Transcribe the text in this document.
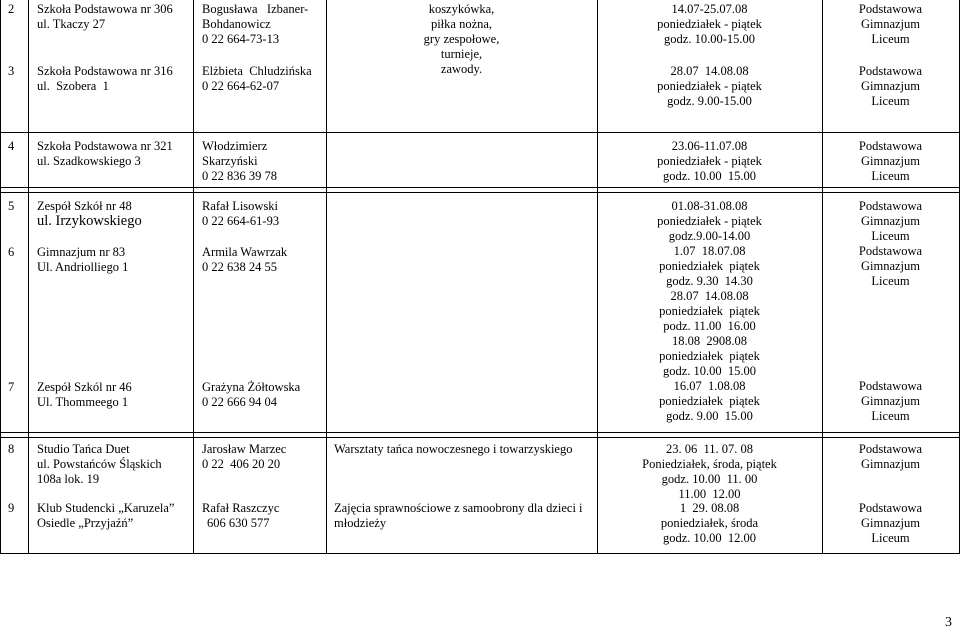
2 Szkoła Podstawowa nr 306
ul. Tkaczy 27
Bogusława   Izbaner-
Bohdanowicz
0 22 664-73-13
koszykówka,
piłka nożna,
gry zespołowe,
turnieje,
zawody.
14.07-25.07.08
poniedziałek - piątek
godz. 10.00-15.00
Podstawowa
Gimnazjum
Liceum
3 Szkoła Podstawowa nr 316
ul.  Szobera  1
Elżbieta  Chludzińska
0 22 664-62-07
28.07  14.08.08
poniedziałek - piątek
godz. 9.00-15.00
Podstawowa
Gimnazjum
Liceum
4 Szkoła Podstawowa nr 321
ul. Szadkowskiego 3
Włodzimierz
Skarzyński
0 22 836 39 78
23.06-11.07.08
poniedziałek - piątek
godz. 10.00  15.00
Podstawowa
Gimnazjum
Liceum
5 Zespół Szkół nr 48
ul. Irzykowskiego
Rafał Lisowski
0 22 664-61-93
6 Gimnazjum nr 83
Ul. Andriolliego 1
Armila Wawrzak
0 22 638 24 55
7 Zespół Szkól nr 46
Ul. Thommeego 1
Grażyna Żółtowska
0 22 666 94 04
01.08-31.08.08
poniedziałek - piątek
godz.9.00-14.00
1.07  18.07.08
poniedziałek  piątek
godz. 9.30  14.30
28.07  14.08.08
poniedziałek  piątek
podz. 11.00  16.00
18.08  2908.08
poniedziałek  piątek
godz. 10.00  15.00
16.07  1.08.08
poniedziałek  piątek
godz. 9.00  15.00
Podstawowa
Gimnazjum
Liceum
Podstawowa
Gimnazjum
Liceum
Podstawowa
Gimnazjum
Liceum
8 Studio Tańca Duet
ul. Powstańców Śląskich
108a lok. 19
Jarosław Marzec
0 22  406 20 20
Warsztaty tańca nowoczesnego i towarzyskiego	23. 06  11. 07. 08
Poniedziałek, środa, piątek
godz. 10.00  11. 00
11.00  12.00
Podstawowa
Gimnazjum
9 Klub Studencki „Karuzela”
Osiedle „Przyjaźń”
Rafał Raszczyc
606 630 577
Zajęcia sprawnościowe z samoobrony dla dzieci i
młodzieży
1  29. 08.08
poniedziałek, środa
godz. 10.00  12.00
Podstawowa
Gimnazjum
Liceum
3
